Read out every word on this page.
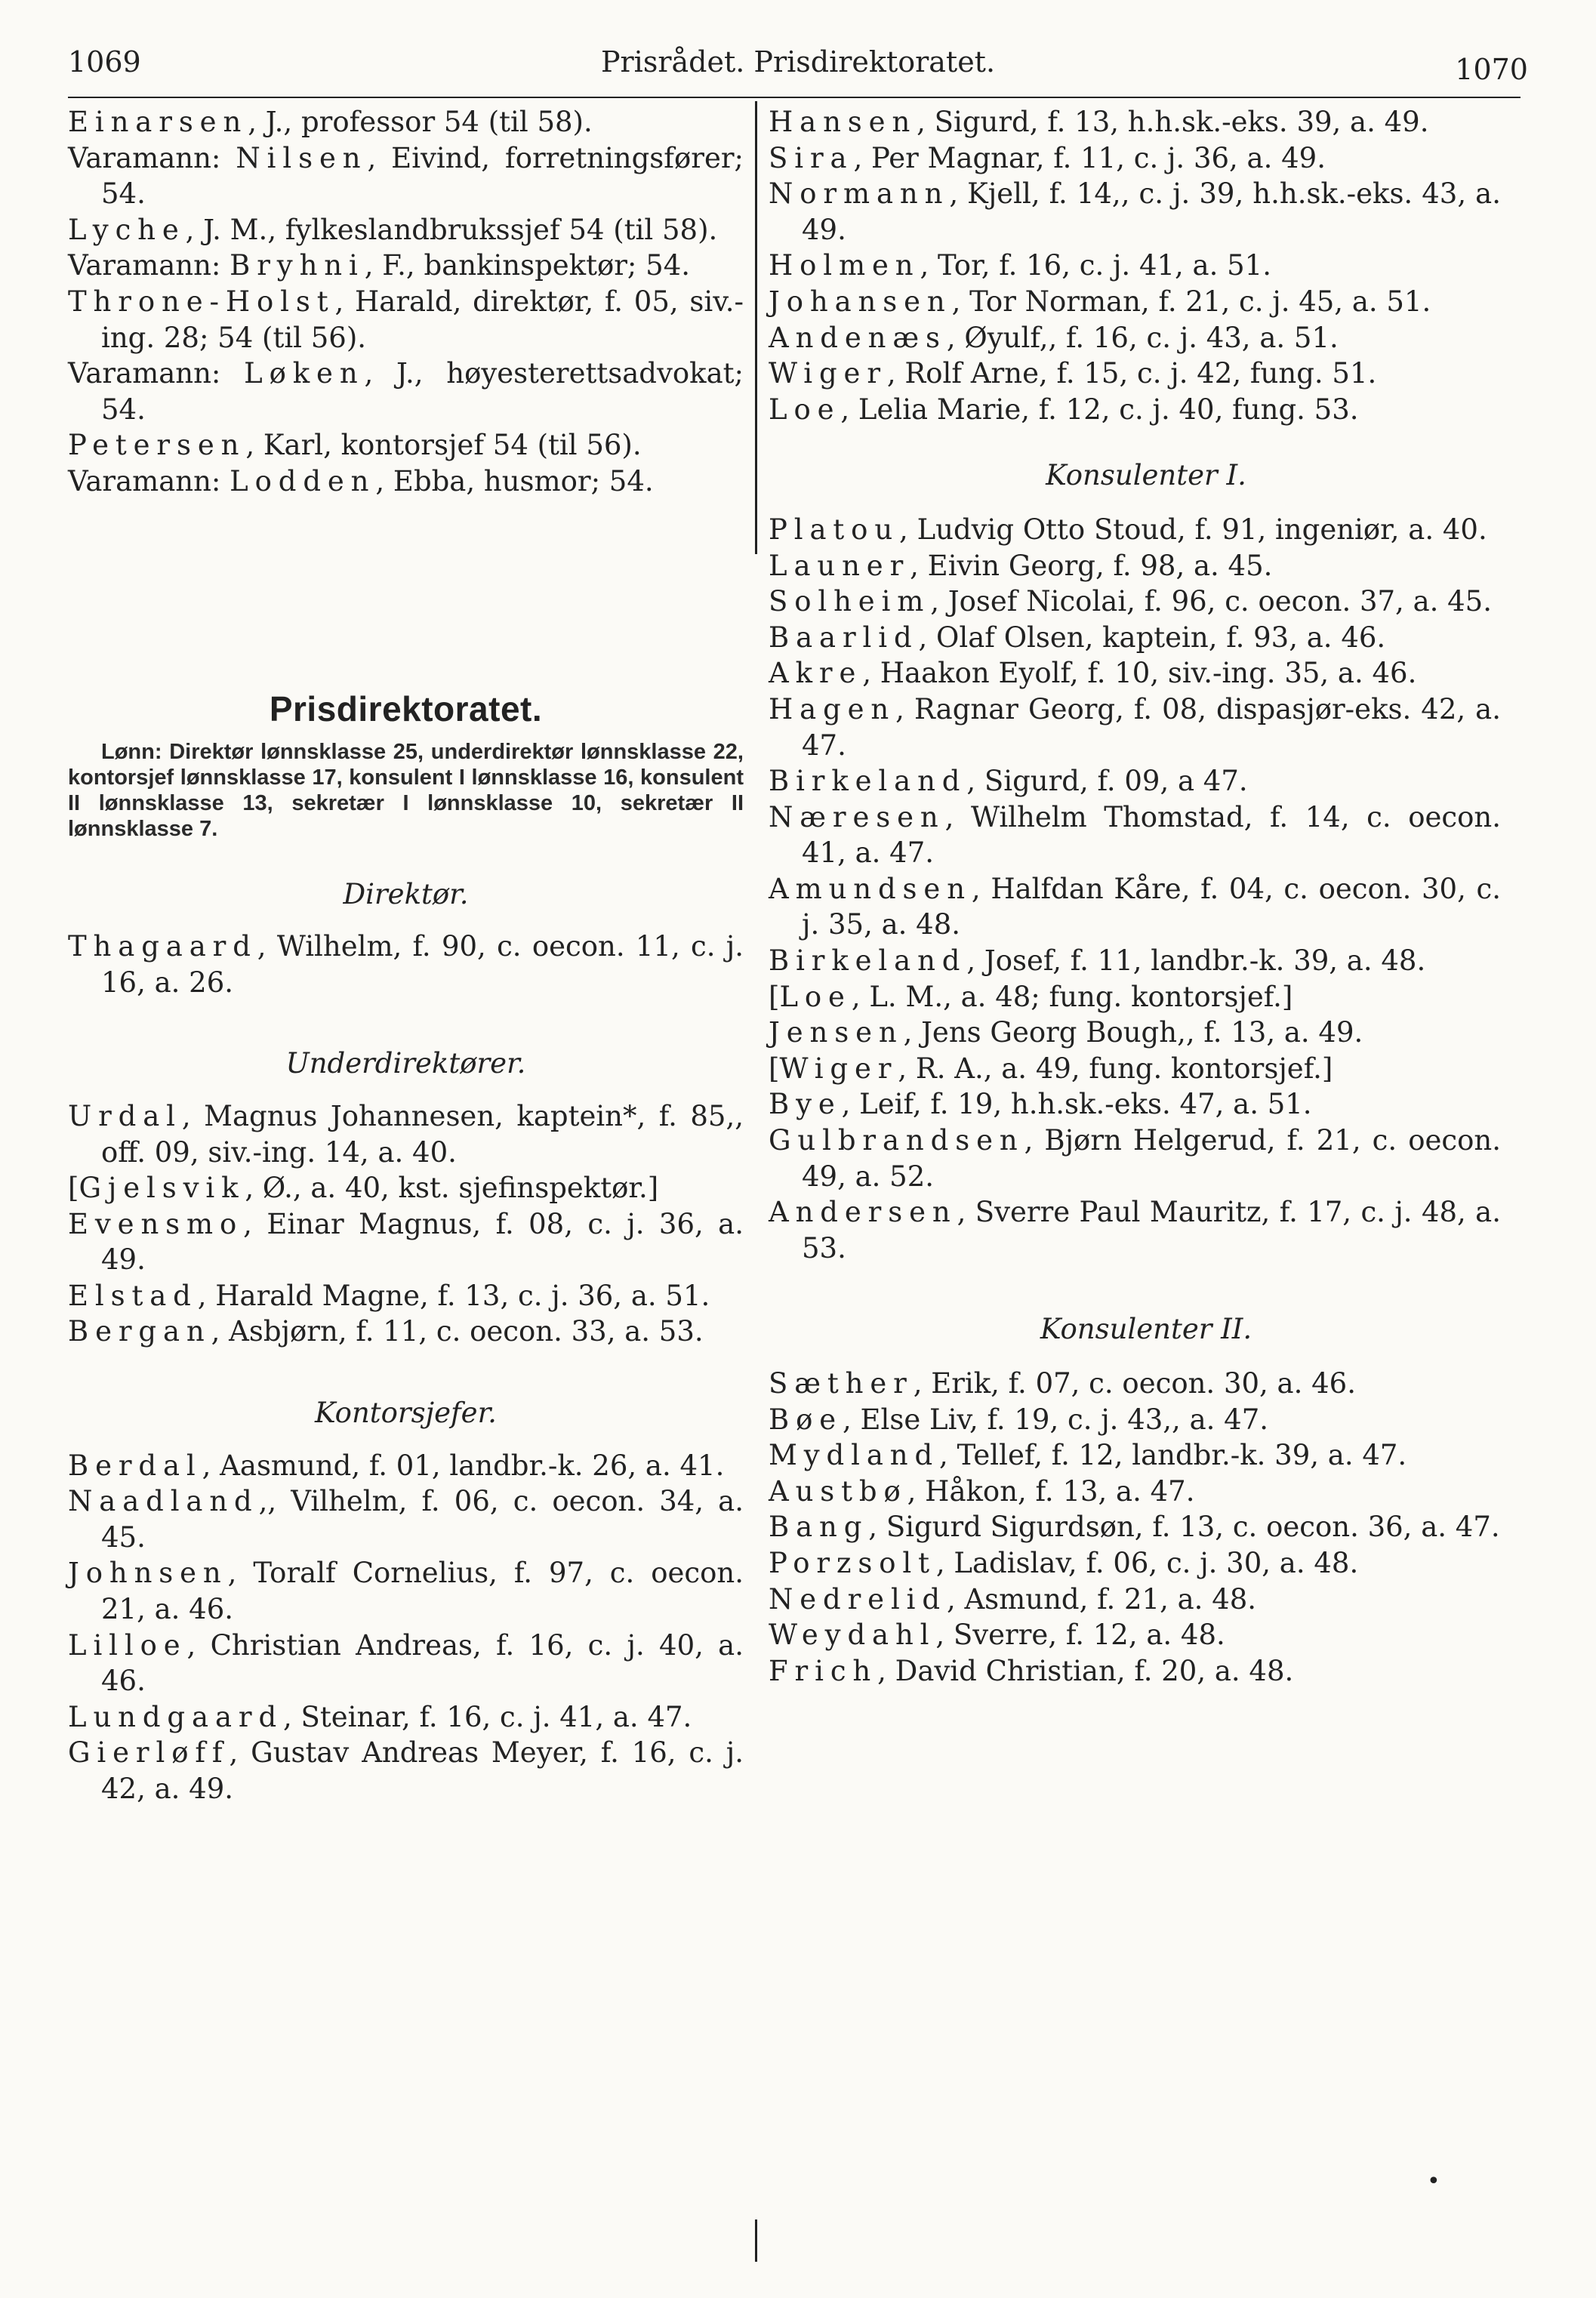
1069	Prisrådet. Prisdirektoratet.	1070

Einarsen, J., professor 54 (til 58).

Varamann: Nilsen, Eivind, forretningsfører; 54.

Lyche, J. M., fylkeslandbrukssjef 54 (til 58).

Varamann: Bryhni, F., bankinspektør; 54.

Throne-Holst, Harald, direktør, f. 05, siv.-ing. 28; 54 (til 56).

Varamann: Løken, J., høyesterettsadvokat; 54.

Petersen, Karl, kontorsjef 54 (til 56).

Varamann: Lodden, Ebba, husmor; 54.

Prisdirektoratet.
Lønn: Direktør lønnsklasse 25, underdirektør lønnsklasse 22, kontorsjef lønnsklasse 17, konsulent I lønnsklasse 16, konsulent II lønnsklasse 13, sekretær I lønnsklasse 10, sekretær II lønnsklasse 7.
Direktør.

Thagaard, Wilhelm, f. 90, c. oecon. 11, c. j. 16, a. 26.

Underdirektører.

Urdal, Magnus Johannesen, kaptein*, f. 85,, off. 09, siv.-ing. 14, a. 40.

[Gjelsvik, Ø., a. 40, kst. sjefinspektør.]

Evensmo, Einar Magnus, f. 08, c. j. 36, a. 49.

Elstad, Harald Magne, f. 13, c. j. 36, a. 51.

Bergan, Asbjørn, f. 11, c. oecon. 33, a. 53.

Kontorsjefer.

Berdal, Aasmund, f. 01, landbr.-k. 26, a. 41.

Naadland,, Vilhelm, f. 06, c. oecon. 34, a. 45.

Johnsen, Toralf Cornelius, f. 97, c. oecon. 21, a. 46.

Lilloe, Christian Andreas, f. 16, c. j. 40, a. 46.

Lundgaard, Steinar, f. 16, c. j. 41, a. 47.

Gierløff, Gustav Andreas Meyer, f. 16, c. j. 42, a. 49.

Hansen, Sigurd, f. 13, h.h.sk.-eks. 39, a. 49.

Sira, Per Magnar, f. 11, c. j. 36, a. 49.

Normann, Kjell, f. 14,, c. j. 39, h.h.sk.-eks. 43, a. 49.

Holmen, Tor, f. 16, c. j. 41, a. 51.

Johansen, Tor Norman, f. 21, c. j. 45, a. 51.

Andenæs, Øyulf,, f. 16, c. j. 43, a. 51.

Wiger, Rolf Arne, f. 15, c. j. 42, fung. 51.

Loe, Lelia Marie, f. 12, c. j. 40, fung. 53.

Konsulenter I.

Platou, Ludvig Otto Stoud, f. 91, ingeniør, a. 40.

Launer, Eivin Georg, f. 98, a. 45.

Solheim, Josef Nicolai, f. 96, c. oecon. 37, a. 45.

Baarlid, Olaf Olsen, kaptein, f. 93, a. 46.

Akre, Haakon Eyolf, f. 10, siv.-ing. 35, a. 46.

Hagen, Ragnar Georg, f. 08, dispasjør-eks. 42, a. 47.

Birkeland, Sigurd, f. 09, a 47.

Næresen, Wilhelm Thomstad, f. 14, c. oecon. 41, a. 47.

Amundsen, Halfdan Kåre, f. 04, c. oecon. 30, c. j. 35, a. 48.

Birkeland, Josef, f. 11, landbr.-k. 39, a. 48.

[Loe, L. M., a. 48; fung. kontorsjef.]

Jensen, Jens Georg Bough,, f. 13, a. 49.

[Wiger, R. A., a. 49, fung. kontorsjef.]

Bye, Leif, f. 19, h.h.sk.-eks. 47, a. 51.

Gulbrandsen, Bjørn Helgerud, f. 21, c. oecon. 49, a. 52.

Andersen, Sverre Paul Mauritz, f. 17, c. j. 48, a. 53.

Konsulenter II.

Sæther, Erik, f. 07, c. oecon. 30, a. 46.

Bøe, Else Liv, f. 19, c. j. 43,, a. 47.

Mydland, Tellef, f. 12, landbr.-k. 39, a. 47.

Austbø, Håkon, f. 13, a. 47.

Bang, Sigurd Sigurdsøn, f. 13, c. oecon. 36, a. 47.

Porzsolt, Ladislav, f. 06, c. j. 30, a. 48.

Nedrelid, Asmund, f. 21, a. 48.

Weydahl, Sverre, f. 12, a. 48.

Frich, David Christian, f. 20, a. 48.

•
